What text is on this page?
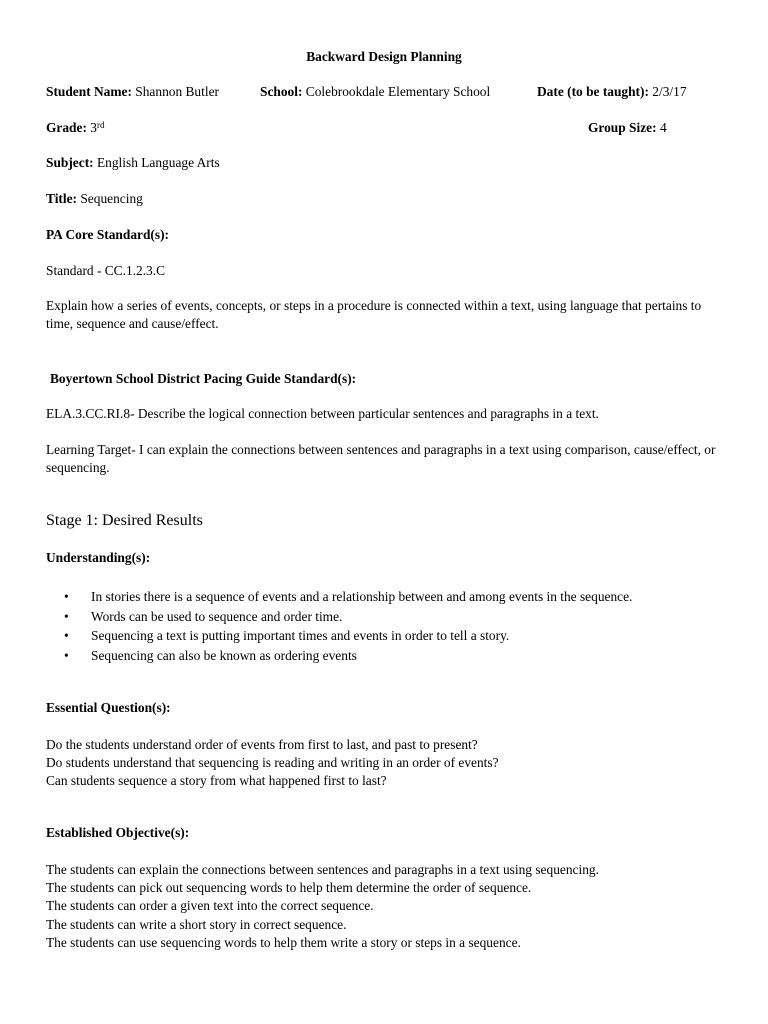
Backward Design Planning
Student Name: Shannon Butler	School: Colebrookdale Elementary School	Date (to be taught): 2/3/17
Grade: 3rd	Group Size: 4
Subject: English Language Arts
Title: Sequencing
PA Core Standard(s):
Standard - CC.1.2.3.C
Explain how a series of events, concepts, or steps in a procedure is connected within a text, using language that pertains to time, sequence and cause/effect.
Boyertown School District Pacing Guide Standard(s):
ELA.3.CC.RI.8- Describe the logical connection between particular sentences and paragraphs in a text.
Learning Target- I can explain the connections between sentences and paragraphs in a text using comparison, cause/effect, or sequencing.
Stage 1: Desired Results
Understanding(s):
• In stories there is a sequence of events and a relationship between and among events in the sequence.
• Words can be used to sequence and order time.
• Sequencing a text is putting important times and events in order to tell a story.
• Sequencing can also be known as ordering events
Essential Question(s):
Do the students understand order of events from first to last, and past to present?
Do students understand that sequencing is reading and writing in an order of events?
Can students sequence a story from what happened first to last?
Established Objective(s):
The students can explain the connections between sentences and paragraphs in a text using sequencing.
The students can pick out sequencing words to help them determine the order of sequence.
The students can order a given text into the correct sequence.
The students can write a short story in correct sequence.
The students can use sequencing words to help them write a story or steps in a sequence.
